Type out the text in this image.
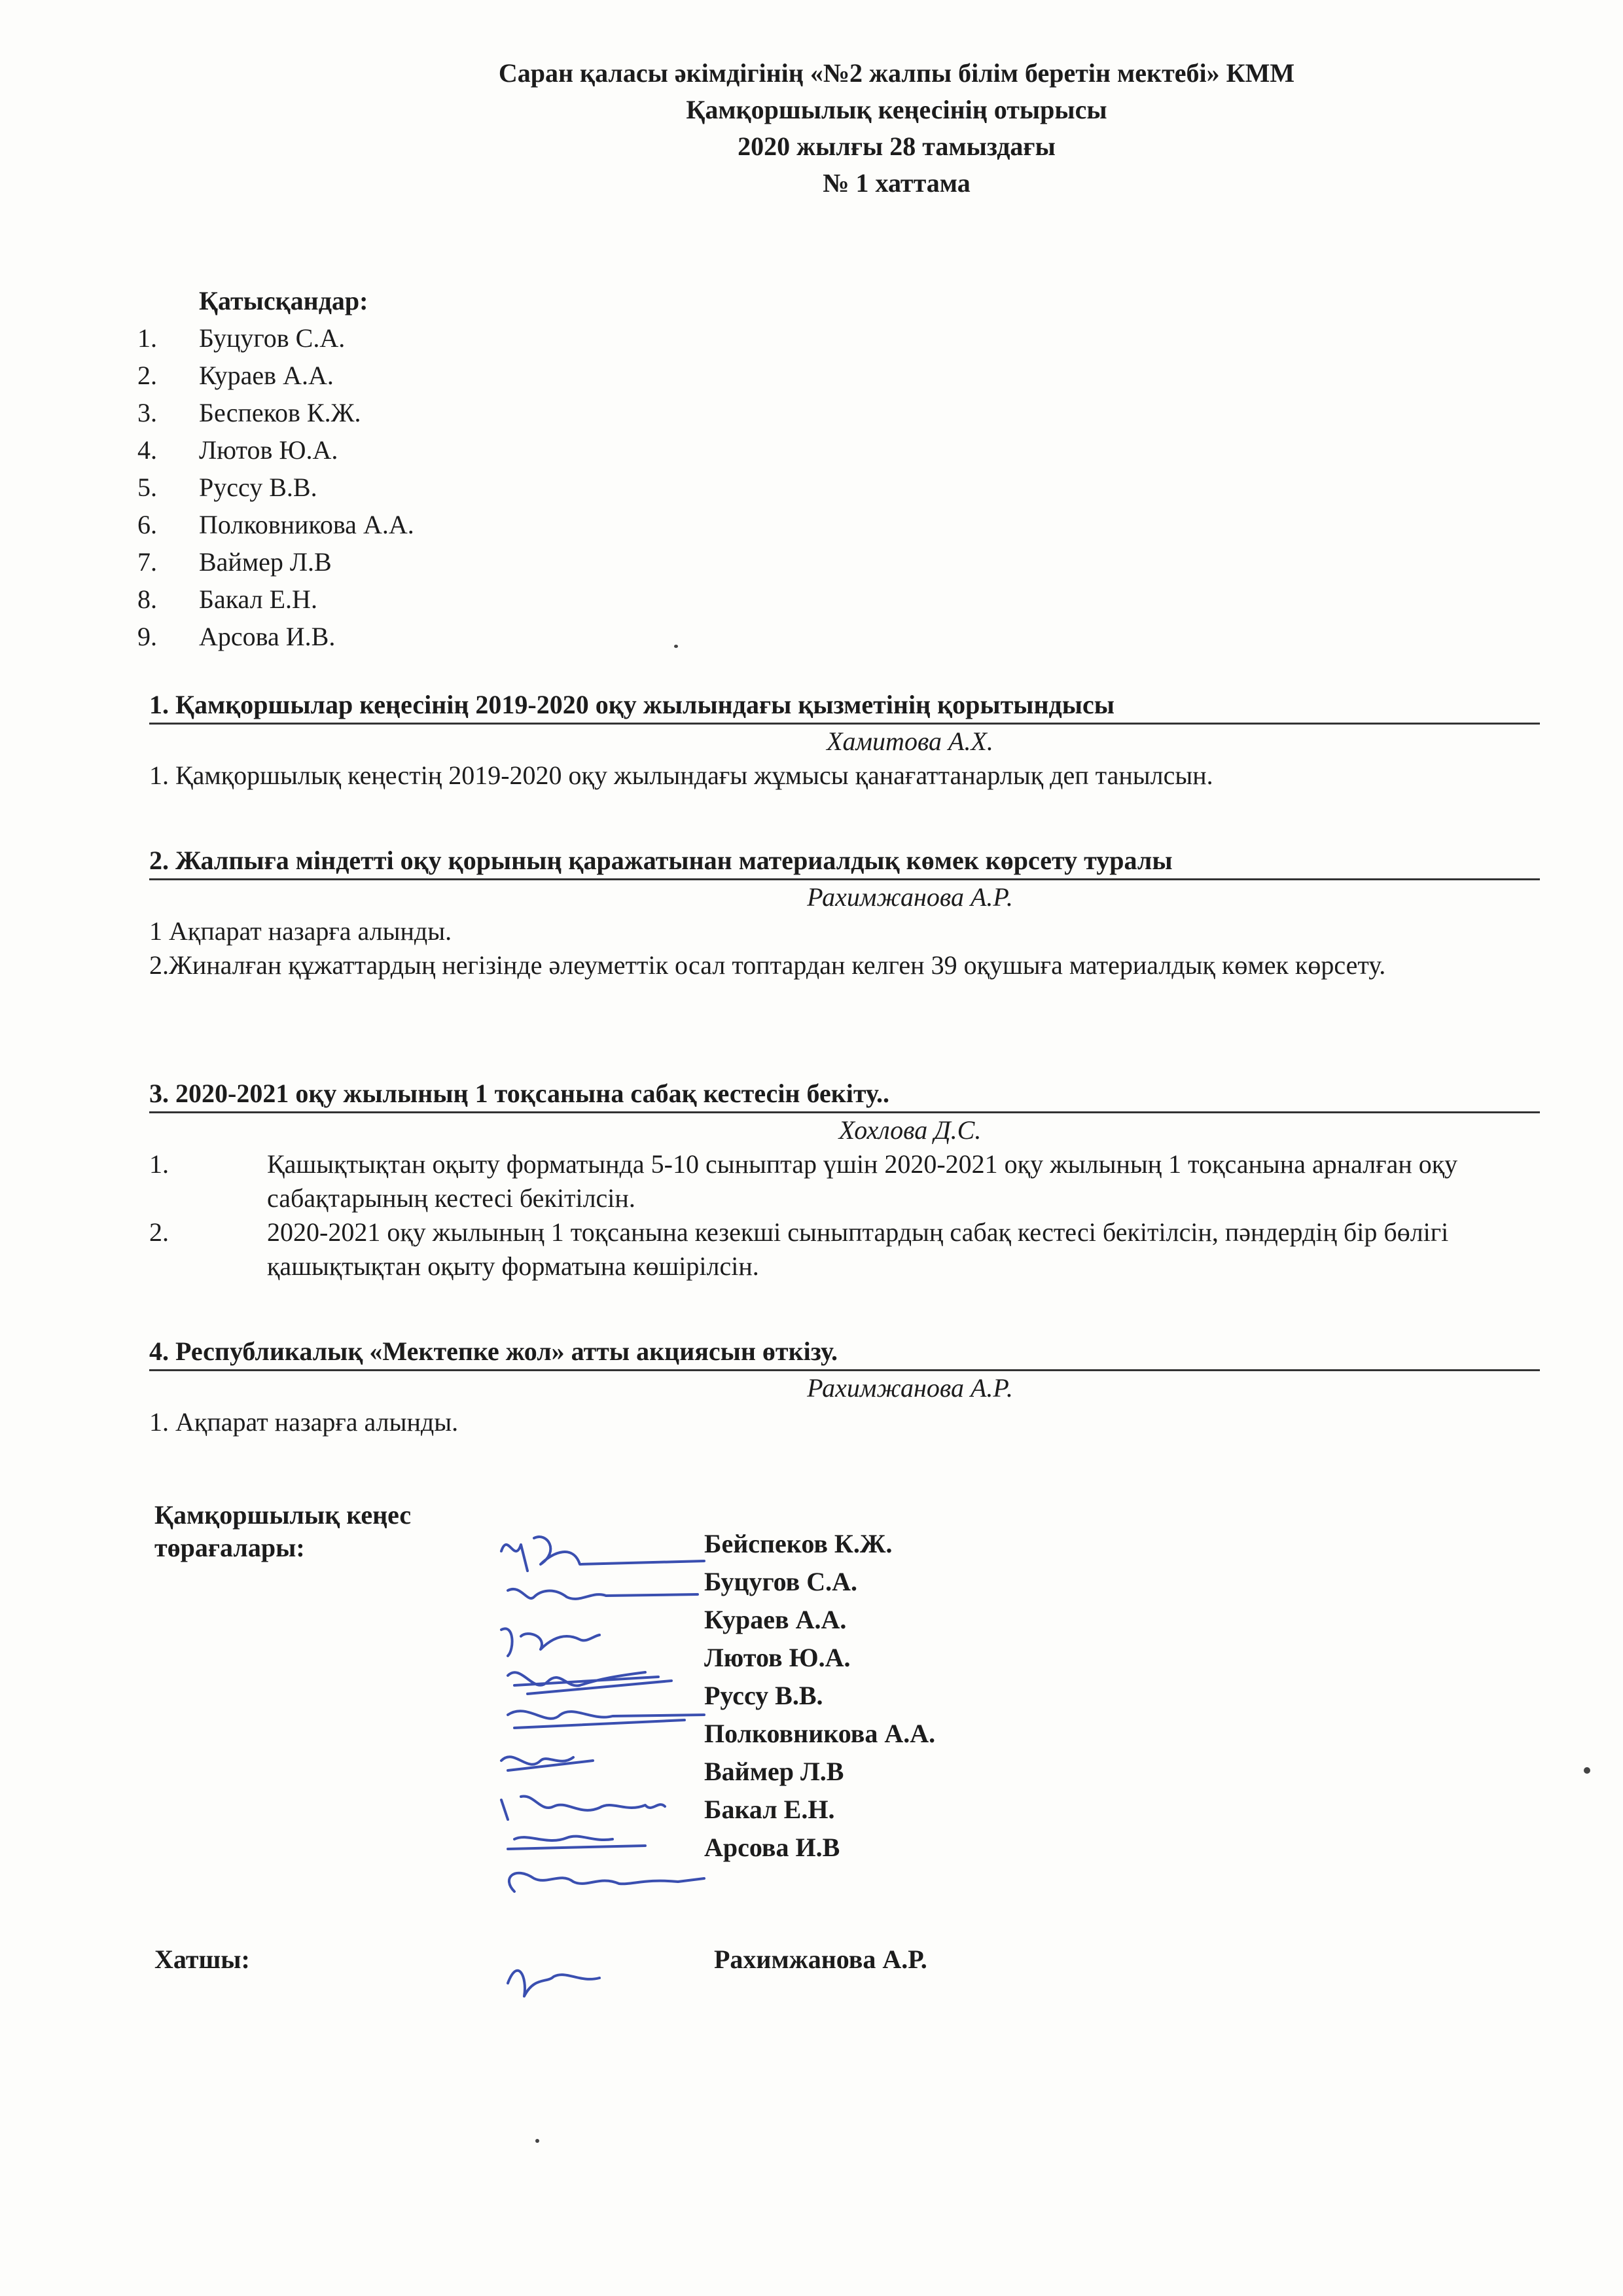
Саран қаласы әкімдігінің «№2 жалпы білім беретін мектебі» КММ
Қамқоршылық кеңесінің отырысы
2020 жылғы 28 тамыздағы
№ 1 хаттама
Қатысқандар:
1.	Буцугов С.А.
2.	Кураев А.А.
3.	Беспеков К.Ж.
4.	Лютов Ю.А.
5.	Руссу В.В.
6.	Полковникова А.А.
7.	Ваймер Л.В
8.	Бакал Е.Н.
9.	Арсова И.В.
1. Қамқоршылар кеңесінің 2019-2020 оқу жылындағы қызметінің қорытындысы
Хамитова А.Х.
1. Қамқоршылық кеңестің 2019-2020 оқу жылындағы жұмысы қанағаттанарлық деп танылсын.
2. Жалпыға міндетті оқу қорының қаражатынан материалдық көмек көрсету туралы
Рахимжанова А.Р.
1 Ақпарат назарға алынды.
2.Жиналған құжаттардың негізінде әлеуметтік осал топтардан келген 39 оқушыға материалдық көмек көрсету.
3. 2020-2021 оқу жылының 1 тоқсанына сабақ кестесін бекіту..
Хохлова Д.С.
1.	Қашықтықтан оқыту форматында 5-10 сыныптар үшін 2020-2021 оқу жылының 1 тоқсанына арналған оқу сабақтарының кестесі бекітілсін.
2.	2020-2021 оқу жылының 1 тоқсанына кезекші сыныптардың сабақ кестесі бекітілсін, пәндердің бір бөлігі қашықтықтан оқыту форматына көшірілсін.
4. Республикалық «Мектепке жол» атты акциясын өткізу.
Рахимжанова А.Р.
1. Ақпарат назарға алынды.
Қамқоршылық кеңес төрағалары:	Бейспеков К.Ж.
Буцугов С.А.
Кураев А.А.
Лютов Ю.А.
Руссу В.В.
Полковникова А.А.
Ваймер Л.В
Бакал Е.Н.
Арсова И.В
Хатшы:	Рахимжанова А.Р.
